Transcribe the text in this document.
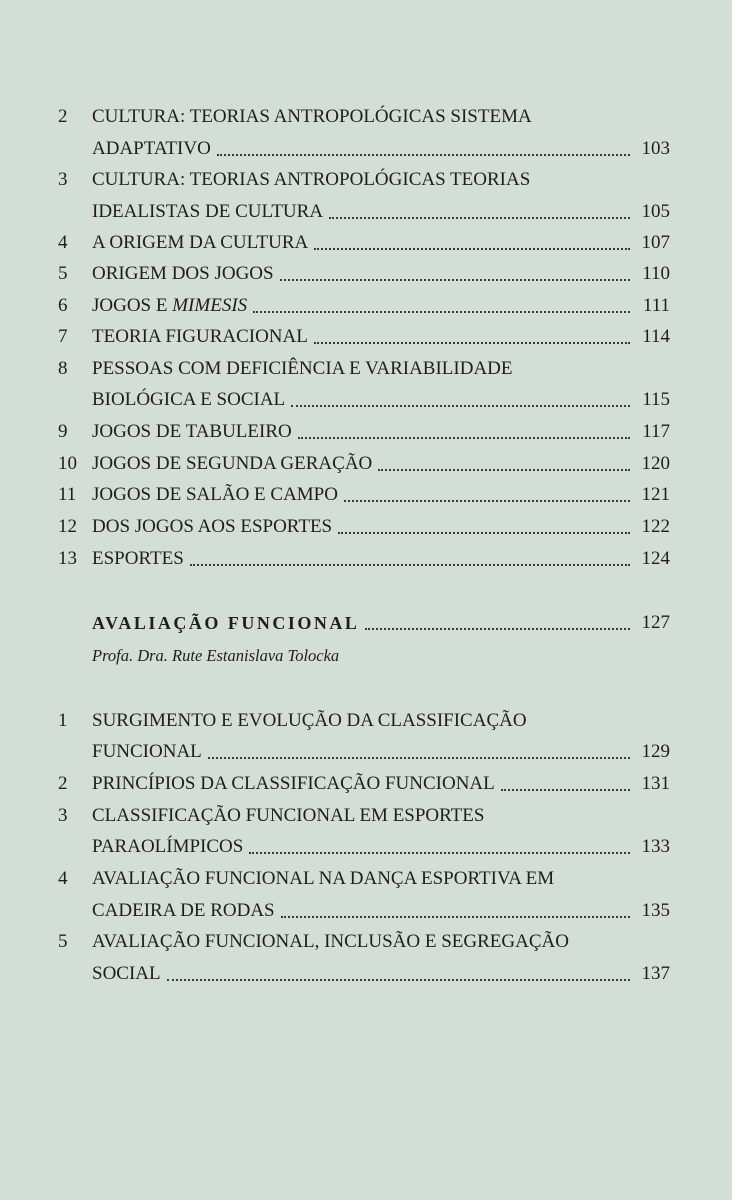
2 CULTURA: TEORIAS ANTROPOLÓGICAS SISTEMA
ADAPTATIVO	103
3 CULTURA: TEORIAS ANTROPOLÓGICAS TEORIAS
IDEALISTAS DE CULTURA	105
4 A ORIGEM DA CULTURA	107
5 ORIGEM DOS JOGOS	110
6 JOGOS E MIMESIS	111
7 TEORIA FIGURACIONAL	114
8 PESSOAS COM DEFICIÊNCIA E VARIABILIDADE
BIOLÓGICA E SOCIAL	115
9 JOGOS DE TABULEIRO	117
10 JOGOS DE SEGUNDA GERAÇÃO	120
11 JOGOS DE SALÃO E CAMPO	121
12 DOS JOGOS AOS ESPORTES	122
13 ESPORTES	124
AVALIAÇÃO FUNCIONAL	127
Profa. Dra. Rute Estanislava Tolocka
1 SURGIMENTO E EVOLUÇÃO DA CLASSIFICAÇÃO
FUNCIONAL	129
2 PRINCÍPIOS DA CLASSIFICAÇÃO FUNCIONAL	131
3 CLASSIFICAÇÃO FUNCIONAL EM ESPORTES
PARAOLÍMPICOS	133
4 AVALIAÇÃO FUNCIONAL NA DANÇA ESPORTIVA EM
CADEIRA DE RODAS	135
5 AVALIAÇÃO FUNCIONAL, INCLUSÃO E SEGREGAÇÃO
SOCIAL	137
